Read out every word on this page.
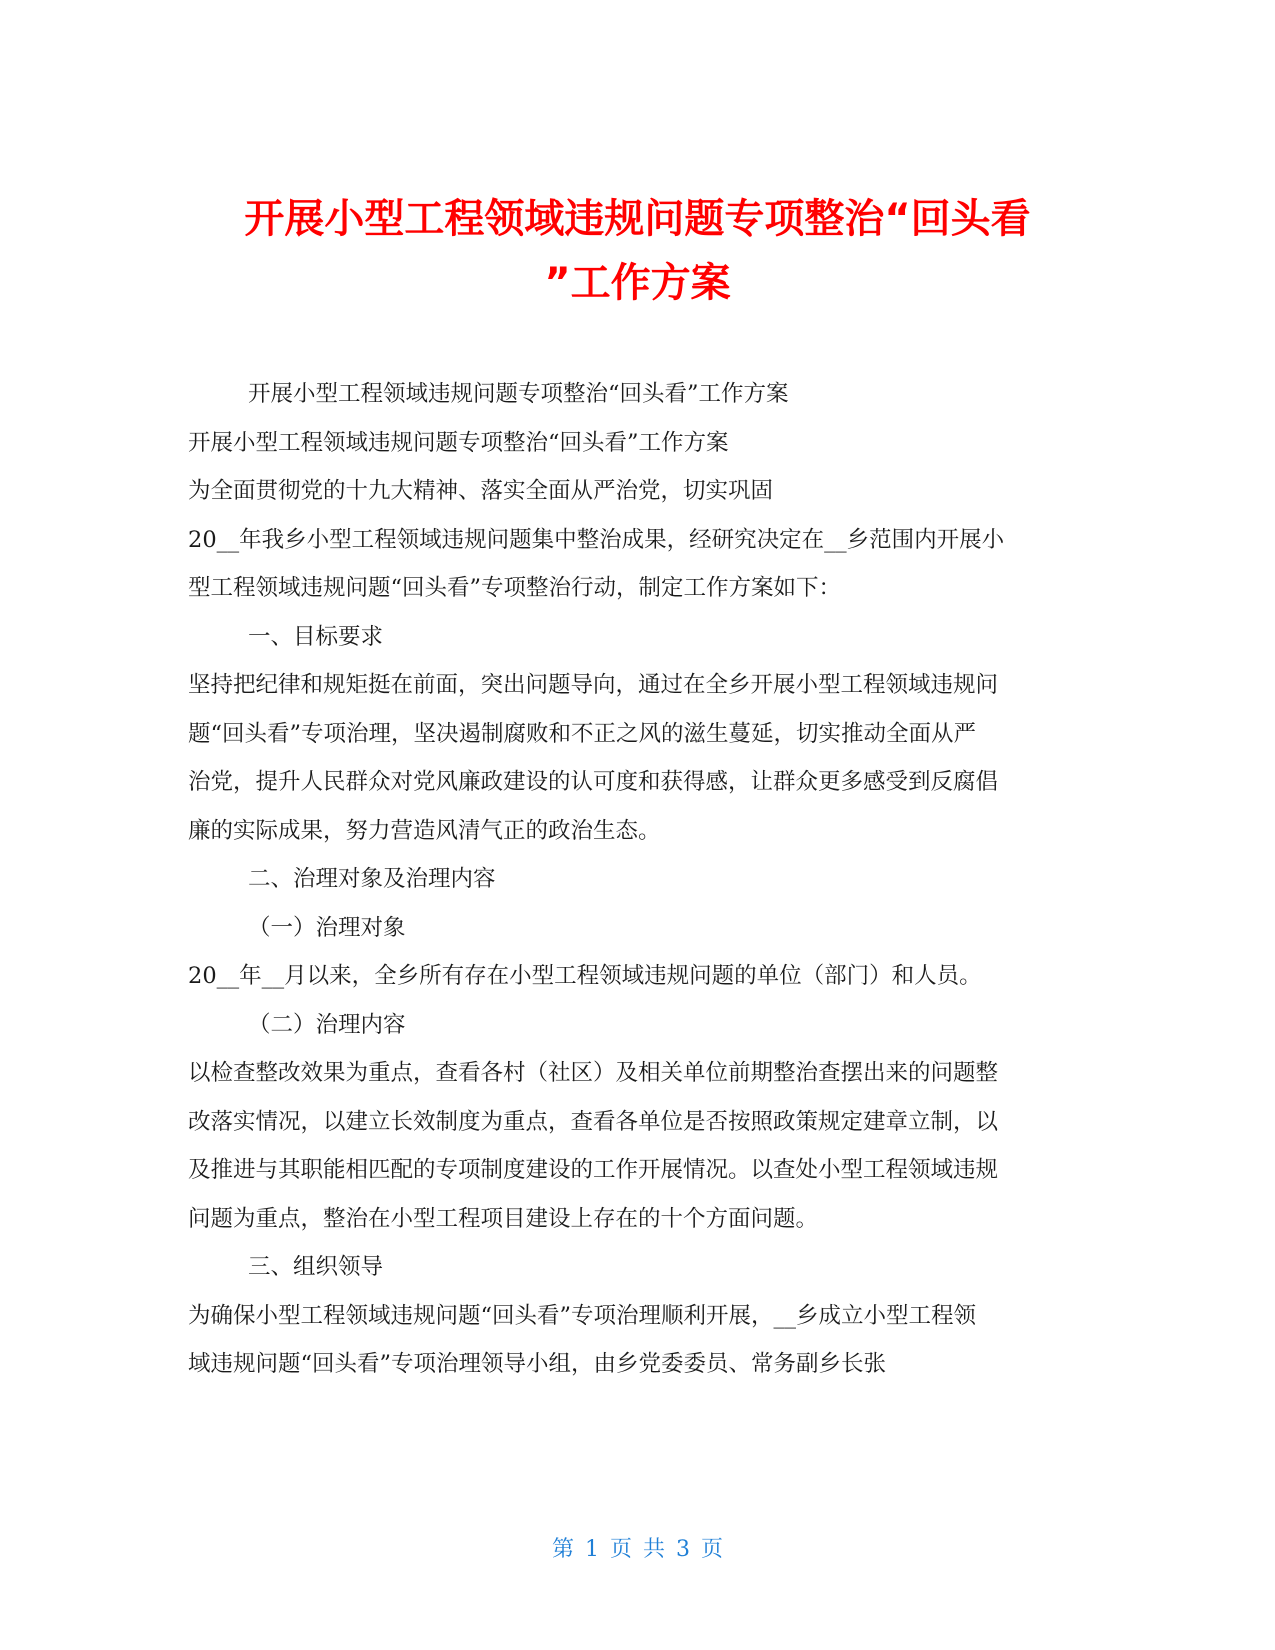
开展小型工程领域违规问题专项整治“回头看
”工作方案

开展小型工程领域违规问题专项整治“回头看”工作方案

开展小型工程领域违规问题专项整治“回头看”工作方案

为全面贯彻党的十九大精神、落实全面从严治党，切实巩固

20__年我乡小型工程领域违规问题集中整治成果，经研究决定在__乡范围内开展小

型工程领域违规问题“回头看”专项整治行动，制定工作方案如下：

一、目标要求

坚持把纪律和规矩挺在前面，突出问题导向，通过在全乡开展小型工程领域违规问

题“回头看”专项治理，坚决遏制腐败和不正之风的滋生蔓延，切实推动全面从严

治党，提升人民群众对党风廉政建设的认可度和获得感，让群众更多感受到反腐倡

廉的实际成果，努力营造风清气正的政治生态。

二、治理对象及治理内容

（一）治理对象

20__年__月以来，全乡所有存在小型工程领域违规问题的单位（部门）和人员。

（二）治理内容

以检查整改效果为重点，查看各村（社区）及相关单位前期整治查摆出来的问题整

改落实情况，以建立长效制度为重点，查看各单位是否按照政策规定建章立制，以

及推进与其职能相匹配的专项制度建设的工作开展情况。以查处小型工程领域违规

问题为重点，整治在小型工程项目建设上存在的十个方面问题。

三、组织领导

为确保小型工程领域违规问题“回头看”专项治理顺利开展，__乡成立小型工程领

域违规问题“回头看”专项治理领导小组，由乡党委委员、常务副乡长张

第 1 页 共 3 页
